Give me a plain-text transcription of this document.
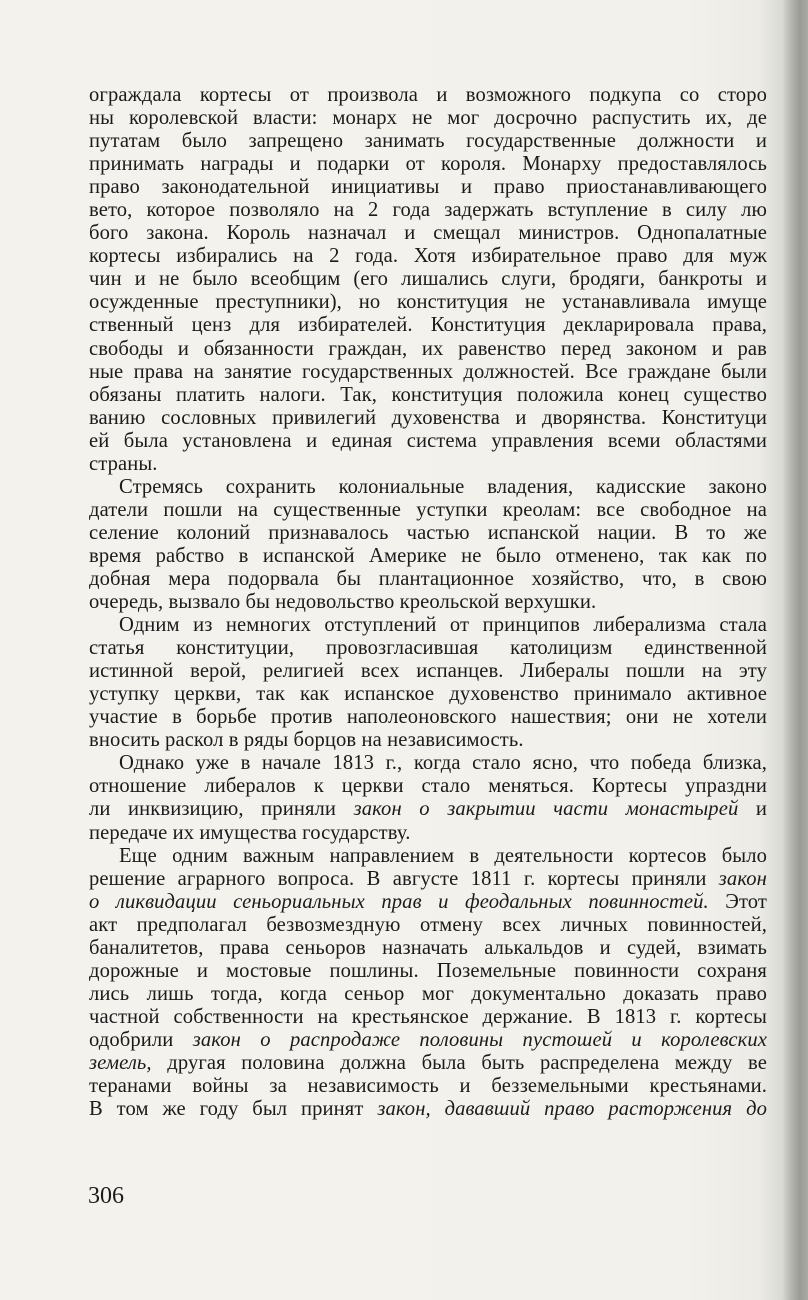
ограждала кортесы от произвола и возможного подкупа со сторо
ны королевской власти: монарх не мог досрочно распустить их, де
путатам было запрещено занимать государственные должности и
принимать награды и подарки от короля. Монарху предоставлялось
право законодательной инициативы и право приостанавливающего
вето, которое позволяло на 2 года задержать вступление в силу лю
бого закона. Король назначал и смещал министров. Однопалатные
кортесы избирались на 2 года. Хотя избирательное право для муж
чин и не было всеобщим (его лишались слуги, бродяги, банкроты и
осужденные преступники), но конституция не устанавливала имуще
ственный ценз для избирателей. Конституция декларировала права,
свободы и обязанности граждан, их равенство перед законом и рав
ные права на занятие государственных должностей. Все граждане были
обязаны платить налоги. Так, конституция положила конец существо
ванию сословных привилегий духовенства и дворянства. Конституци
ей была установлена и единая система управления всеми областями
страны.
Стремясь сохранить колониальные владения, кадисские законо
датели пошли на существенные уступки креолам: все свободное на
селение колоний признавалось частью испанской нации. В то же
время рабство в испанской Америке не было отменено, так как по
добная мера подорвала бы плантационное хозяйство, что, в свою
очередь, вызвало бы недовольство креольской верхушки.
Одним из немногих отступлений от принципов либерализма стала
статья конституции, провозгласившая католицизм единственной
истинной верой, религией всех испанцев. Либералы пошли на эту
уступку церкви, так как испанское духовенство принимало активное
участие в борьбе против наполеоновского нашествия; они не хотели
вносить раскол в ряды борцов на независимость.
Однако уже в начале 1813 г., когда стало ясно, что победа близка,
отношение либералов к церкви стало меняться. Кортесы упраздни
ли инквизицию, приняли закон о закрытии части монастырей и
передаче их имущества государству.
Еще одним важным направлением в деятельности кортесов было
решение аграрного вопроса. В августе 1811 г. кортесы приняли закон
о ликвидации сеньориальных прав и феодальных повинностей. Этот
акт предполагал безвозмездную отмену всех личных повинностей,
баналитетов, права сеньоров назначать алькальдов и судей, взимать
дорожные и мостовые пошлины. Поземельные повинности сохраня
лись лишь тогда, когда сеньор мог документально доказать право
частной собственности на крестьянское держание. В 1813 г. кортесы
одобрили закон о распродаже половины пустошей и королевских
земель, другая половина должна была быть распределена между ве
теранами войны за независимость и безземельными крестьянами.
В том же году был принят закон, дававший право расторжения до
306
